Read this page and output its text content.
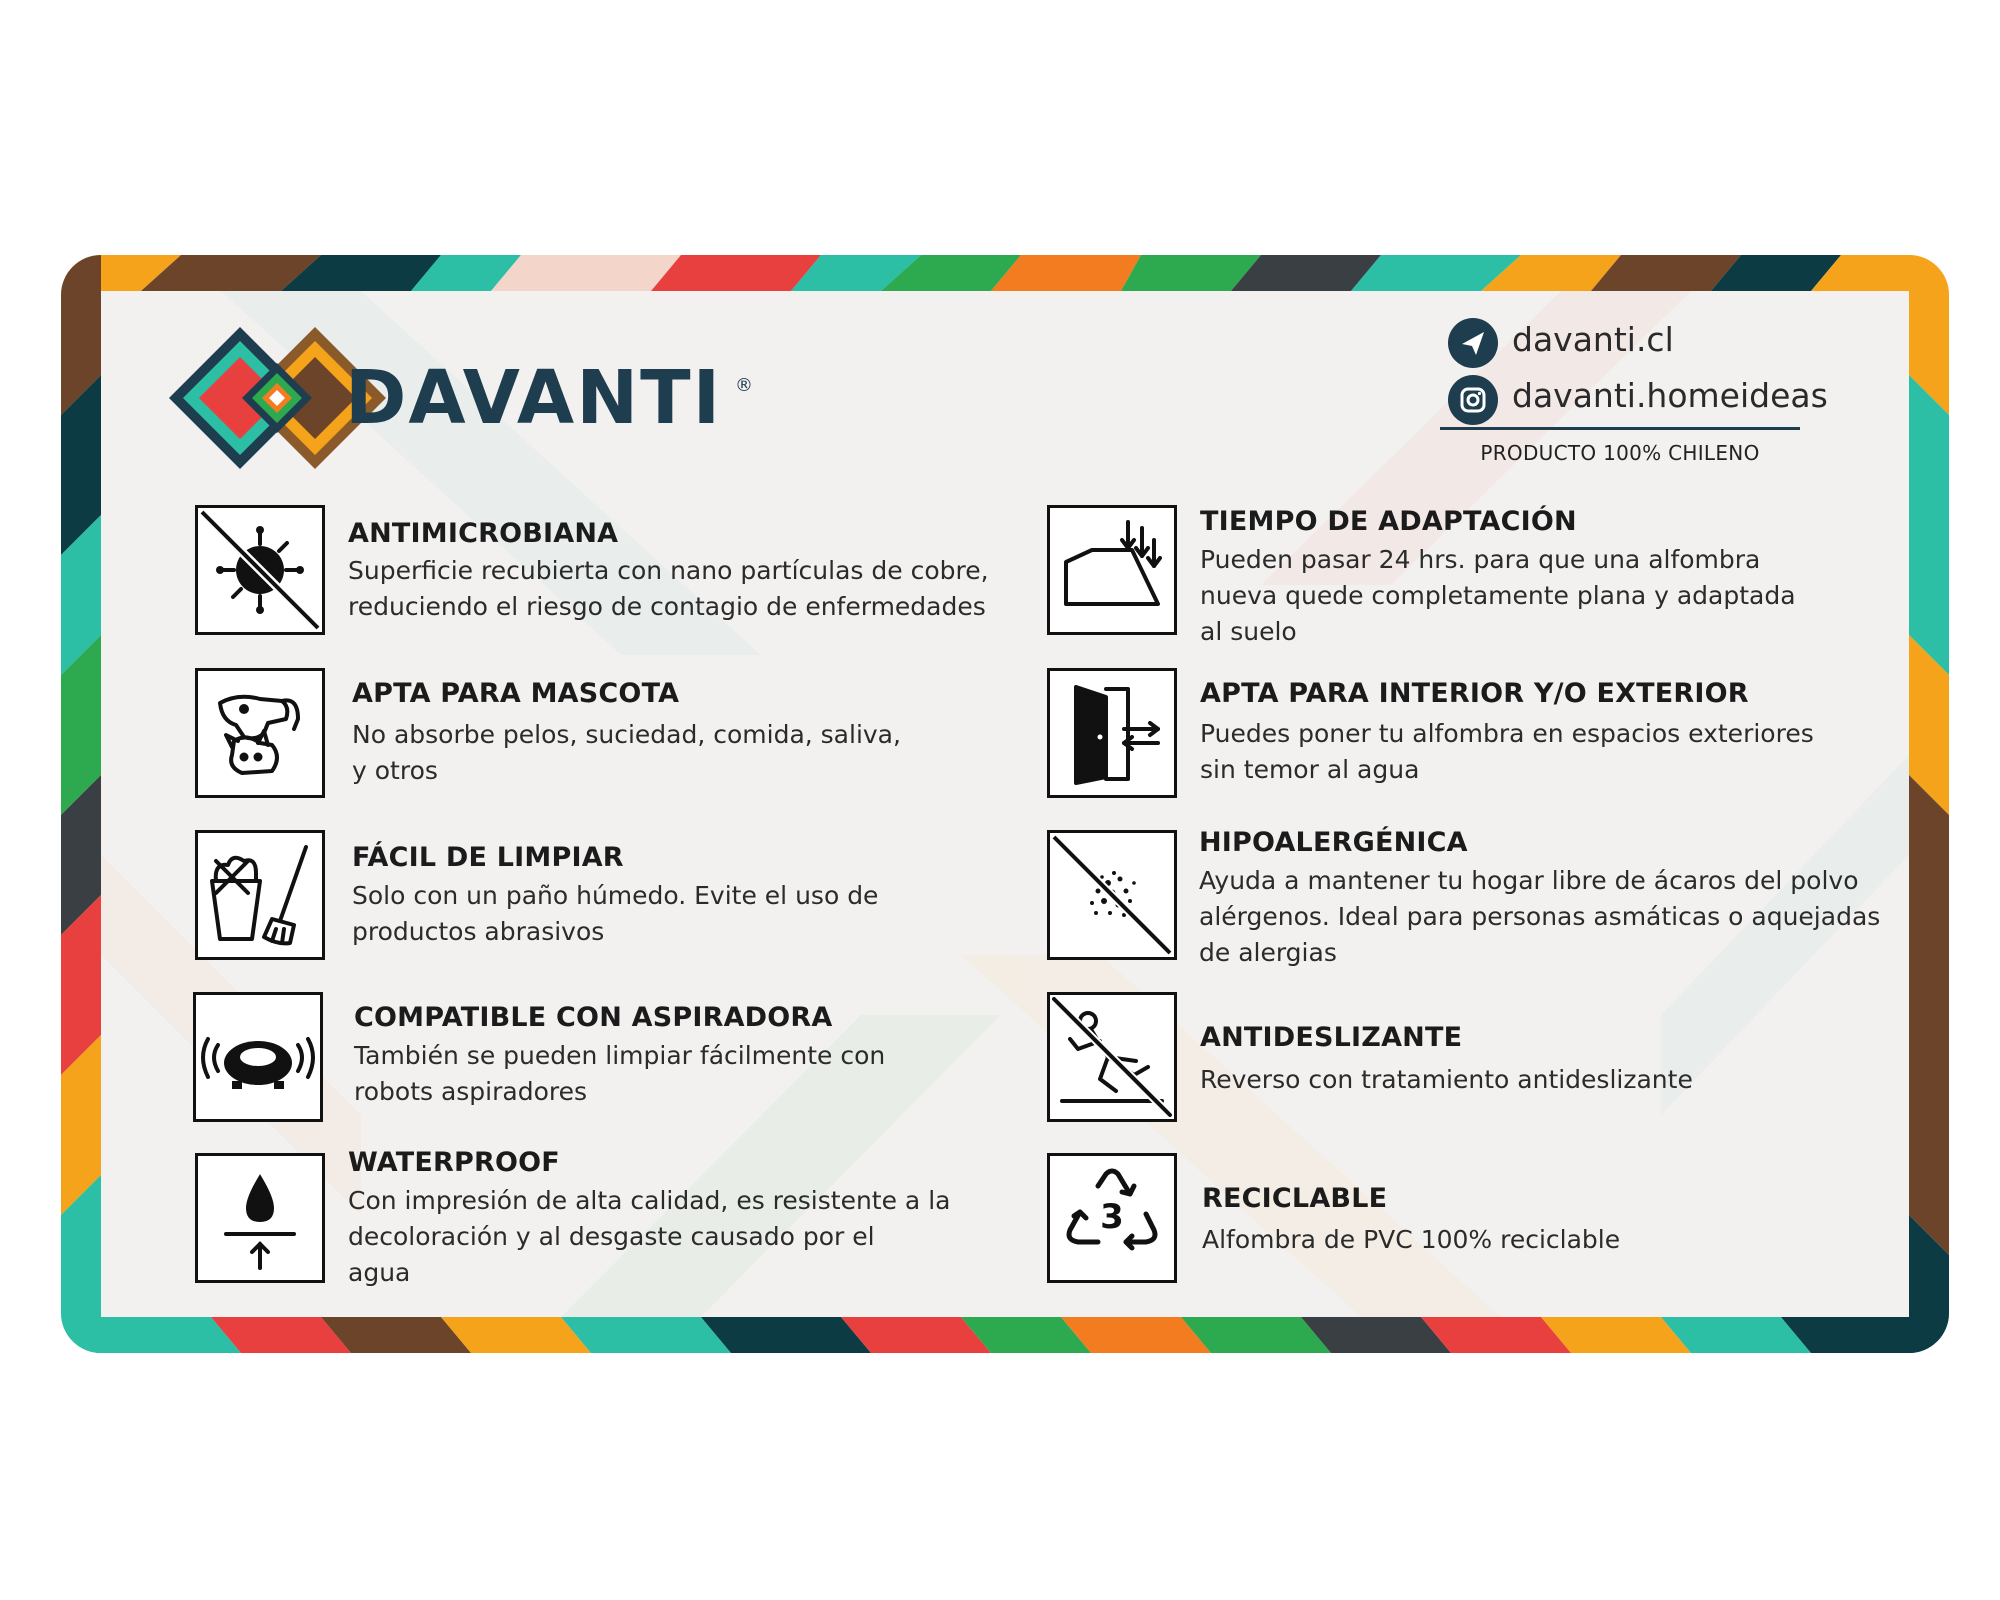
DAVANTI ®
davanti.cl
davanti.homeideas
PRODUCTO 100% CHILENO
ANTIMICROBIANA
Superficie recubierta con nano partículas de cobre,
reduciendo el riesgo de contagio de enfermedades
APTA PARA MASCOTA
No absorbe pelos, suciedad, comida, saliva,
y otros
FÁCIL DE LIMPIAR
Solo con un paño húmedo. Evite el uso de
productos abrasivos
COMPATIBLE CON ASPIRADORA
También se pueden limpiar fácilmente con
robots aspiradores
WATERPROOF
Con impresión de alta calidad, es resistente a la
decoloración y al desgaste causado por el
agua
TIEMPO DE ADAPTACIÓN
Pueden pasar 24 hrs. para que una alfombra
nueva quede completamente plana y adaptada
al suelo
APTA PARA INTERIOR Y/O EXTERIOR
Puedes poner tu alfombra en espacios exteriores
sin temor al agua
HIPOALERGÉNICA
Ayuda a mantener tu hogar libre de ácaros del polvo
alérgenos. Ideal para personas asmáticas o aquejadas
de alergias
ANTIDESLIZANTE
Reverso con tratamiento antideslizante
3	RECICLABLE
Alfombra de PVC 100% reciclable
